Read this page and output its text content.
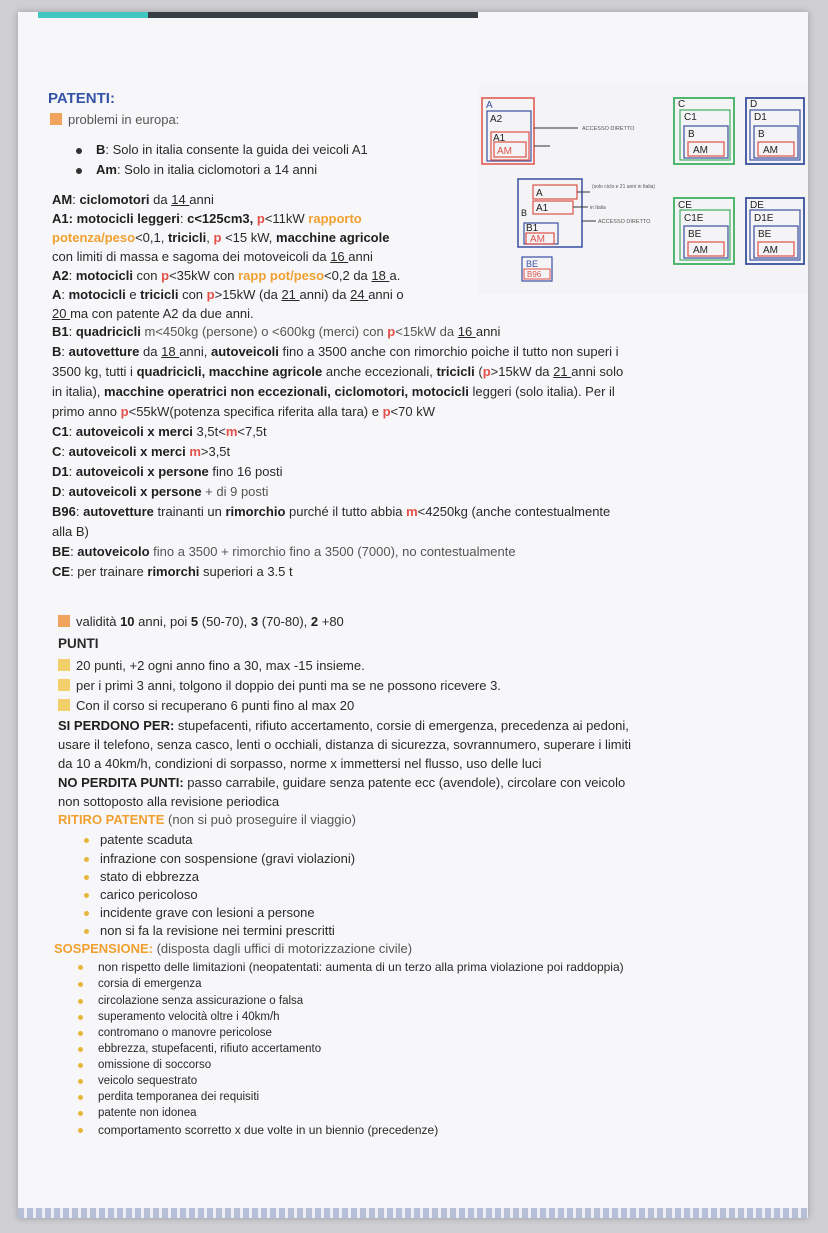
PATENTI:
problemi in europa:
B: Solo in italia consente la guida dei veicoli A1
Am: Solo in italia ciclomotori a 14 anni
AM: ciclomotori da 14 anni
A1: motocicli leggeri: c<125cm3, p<11kW rapporto
potenza/peso<0,1, tricicli, p <15 kW, macchine agricole
con limiti di massa e sagoma dei motoveicoli da 16 anni
A2: motocicli con p<35kW con rapp pot/peso<0,2 da 18 a.
A: motocicli e tricicli con p>15kW (da 21 anni) da 24 anni o
20 ma con patente A2 da due anni.
B1: quadricicli m<450kg (persone) o <600kg (merci) con p<15kW da 16 anni
B: autovetture da 18 anni, autoveicoli fino a 3500 anche con rimorchio poiche il tutto non superi i
3500 kg, tutti i quadricicli, macchine agricole anche eccezionali, tricicli (p>15kW da 21 anni solo
in italia), macchine operatrici non eccezionali, ciclomotori, motocicli leggeri (solo italia). Per il
primo anno p<55kW(potenza specifica riferita alla tara) e p<70 kW
C1: autoveicoli x merci 3,5t<m<7,5t
C: autoveicoli x merci m>3,5t
D1: autoveicoli x persone fino 16 posti
D: autoveicoli x persone + di 9 posti
B96: autovetture trainanti un rimorchio purché il tutto abbia m<4250kg (anche contestualmente
alla B)
BE: autoveicolo fino a 3500 + rimorchio fino a 3500 (7000), no contestualmente
CE: per trainare rimorchi superiori a 3.5 t
validità 10 anni, poi 5 (50-70), 3 (70-80), 2 +80
PUNTI
20 punti, +2 ogni anno fino a 30, max -15 insieme.
per i primi 3 anni, tolgono il doppio dei punti ma se ne possono ricevere 3.
Con il corso si recuperano 6 punti fino al max 20
SI PERDONO PER: stupefacenti, rifiuto accertamento, corsie di emergenza, precedenza ai pedoni,
usare il telefono, senza casco, lenti o occhiali, distanza di sicurezza, sovrannumero, superare i limiti
da 10 a 40km/h, condizioni di sorpasso, norme x immettersi nel flusso, uso delle luci
NO PERDITA PUNTI: passo carrabile, guidare senza patente ecc (avendole), circolare con veicolo
non sottoposto alla revisione periodica
RITIRO PATENTE (non si può proseguire il viaggio)
patente scaduta
infrazione con sospensione (gravi violazioni)
stato di ebbrezza
carico pericoloso
incidente grave con lesioni a persone
non si fa la revisione nei termini prescritti
SOSPENSIONE: (disposta dagli uffici di motorizzazione civile)
non rispetto delle limitazioni (neopatentati: aumenta di un terzo alla prima violazione poi raddoppia)
corsia di emergenza
circolazione senza assicurazione o falsa
superamento velocità oltre i 40km/h
contromano o manovre pericolose
ebbrezza, stupefacenti, rifiuto accertamento
omissione di soccorso
veicolo sequestrato
perdita temporanea dei requisiti
patente non idonea
comportamento scorretto x due volte in un biennio (precedenze)
A
A2
A1
AM
ACCESSO DIRETTO
A
A1
B1
AM
B
(solo ciclo e 21 anni in Italia)
in Italia
ACCESSO DIRETTO
BE
B96
C
C1
B
AM
D
D1
B
AM
CE
C1E
BE
AM
DE
D1E
BE
AM
